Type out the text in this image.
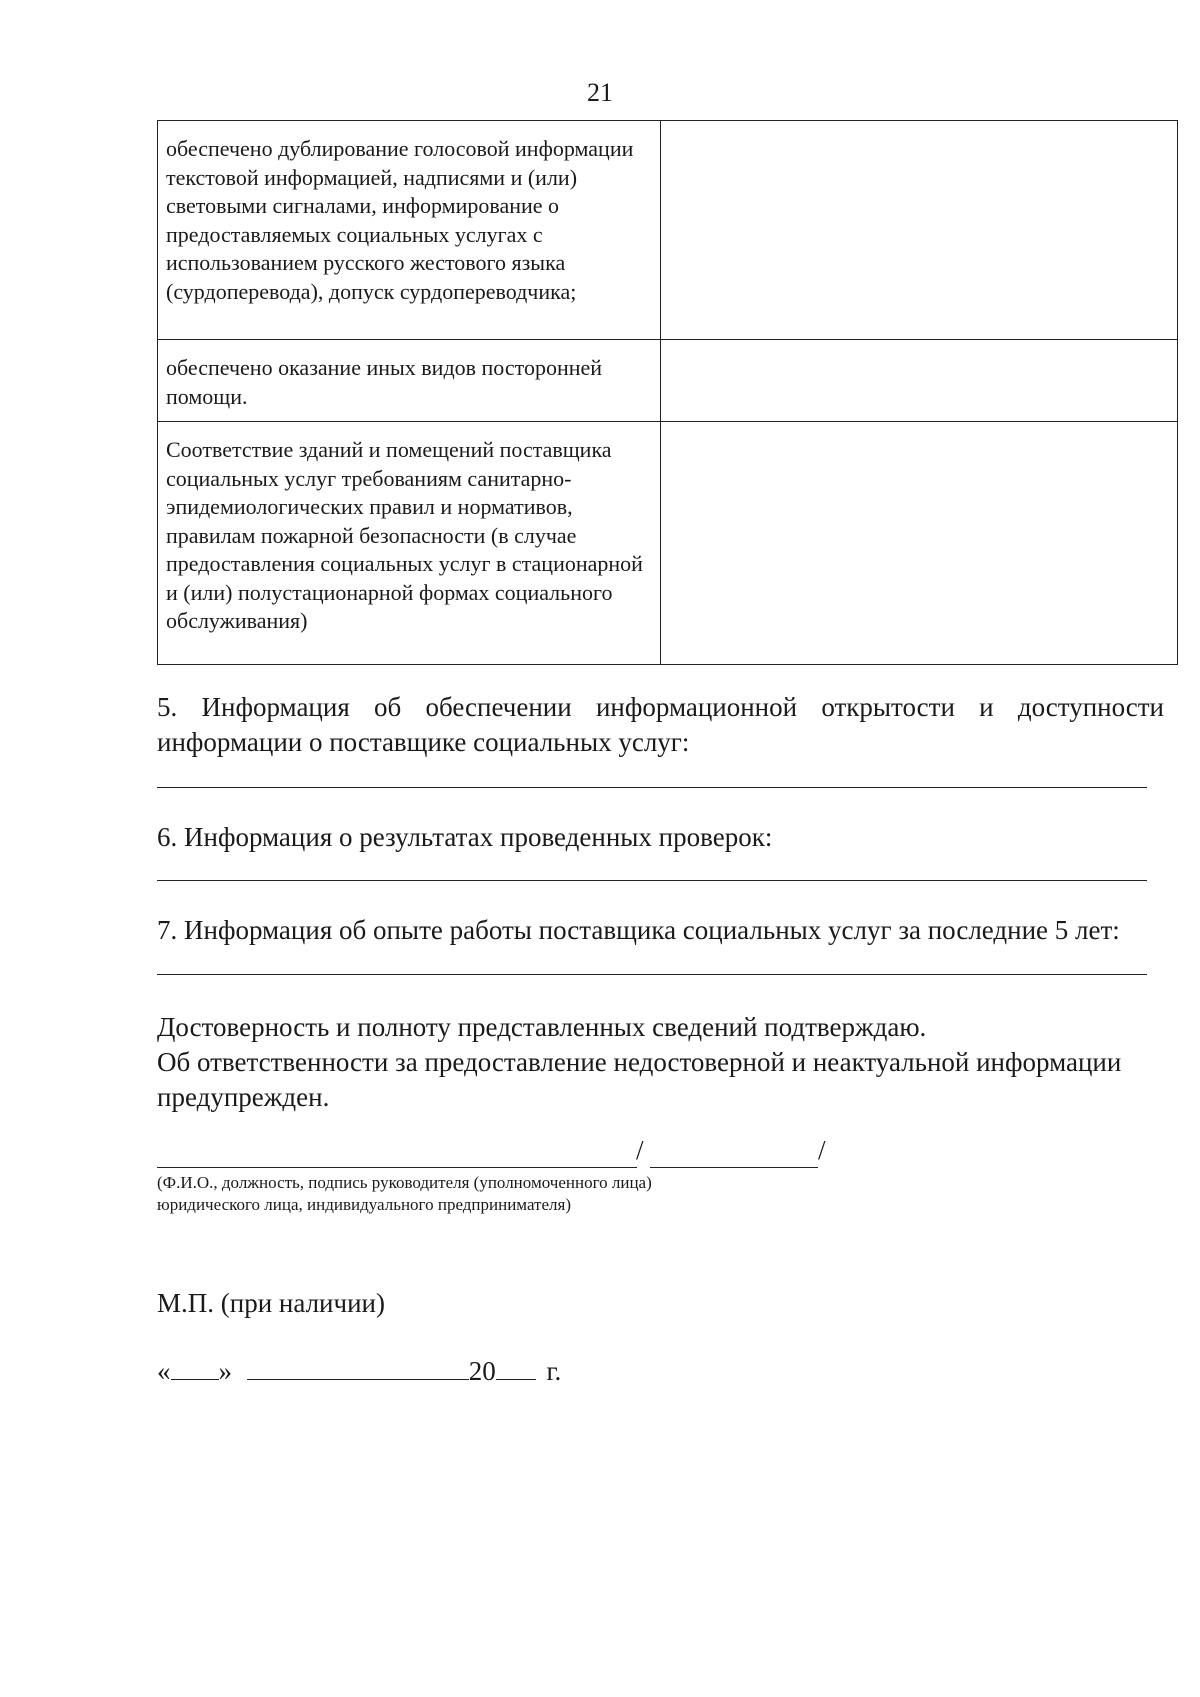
21
обеспечено дублирование голосовой информации текстовой информацией, надписями и (или) световыми сигналами, информирование о предоставляемых социальных услугах с использованием русского жестового языка (сурдоперевода), допуск сурдопереводчика;	
обеспечено оказание иных видов посторонней помощи.	
Соответствие зданий и помещений поставщика социальных услуг требованиям санитарно-эпидемиологических правил и нормативов, правилам пожарной безопасности (в случае предоставления социальных услуг в стационарной и (или) полустационарной формах социального обслуживания)	
5. Информация об обеспечении информационной открытости и доступности
информации о поставщике социальных услуг:
6. Информация о результатах проведенных проверок:
7. Информация об опыте работы поставщика социальных услуг за последние 5 лет:
Достоверность и полноту представленных сведений подтверждаю.
Об ответственности за предоставление недостоверной и неактуальной информации предупрежден.
/	/
(Ф.И.О., должность, подпись руководителя (уполномоченного лица) юридического лица, индивидуального предпринимателя)
М.П. (при наличии)
« »	20 г.
